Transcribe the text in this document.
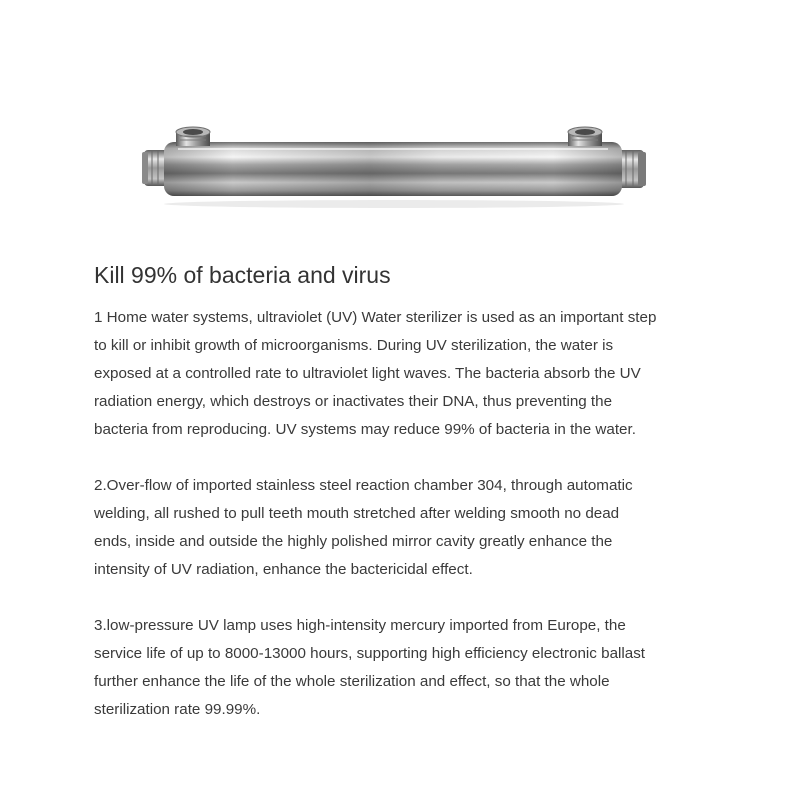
Kill 99% of bacteria and virus
1 Home water systems, ultraviolet (UV) Water sterilizer is used as an important step
to kill or inhibit growth of microorganisms. During UV sterilization, the water is
exposed at a controlled rate to ultraviolet light waves. The bacteria absorb the UV
radiation energy, which destroys or inactivates their DNA, thus preventing the
bacteria from reproducing. UV systems may reduce 99% of bacteria in the water.
2.Over-flow of imported stainless steel reaction chamber 304, through automatic
welding, all rushed to pull teeth mouth stretched after welding smooth no dead
ends, inside and outside the highly polished mirror cavity greatly enhance the
intensity of UV radiation, enhance the bactericidal effect.
3.low-pressure UV lamp uses high-intensity mercury imported from Europe, the
service life of up to 8000-13000 hours, supporting high efficiency electronic ballast
further enhance the life of the whole sterilization and effect, so that the whole
sterilization rate 99.99%.
